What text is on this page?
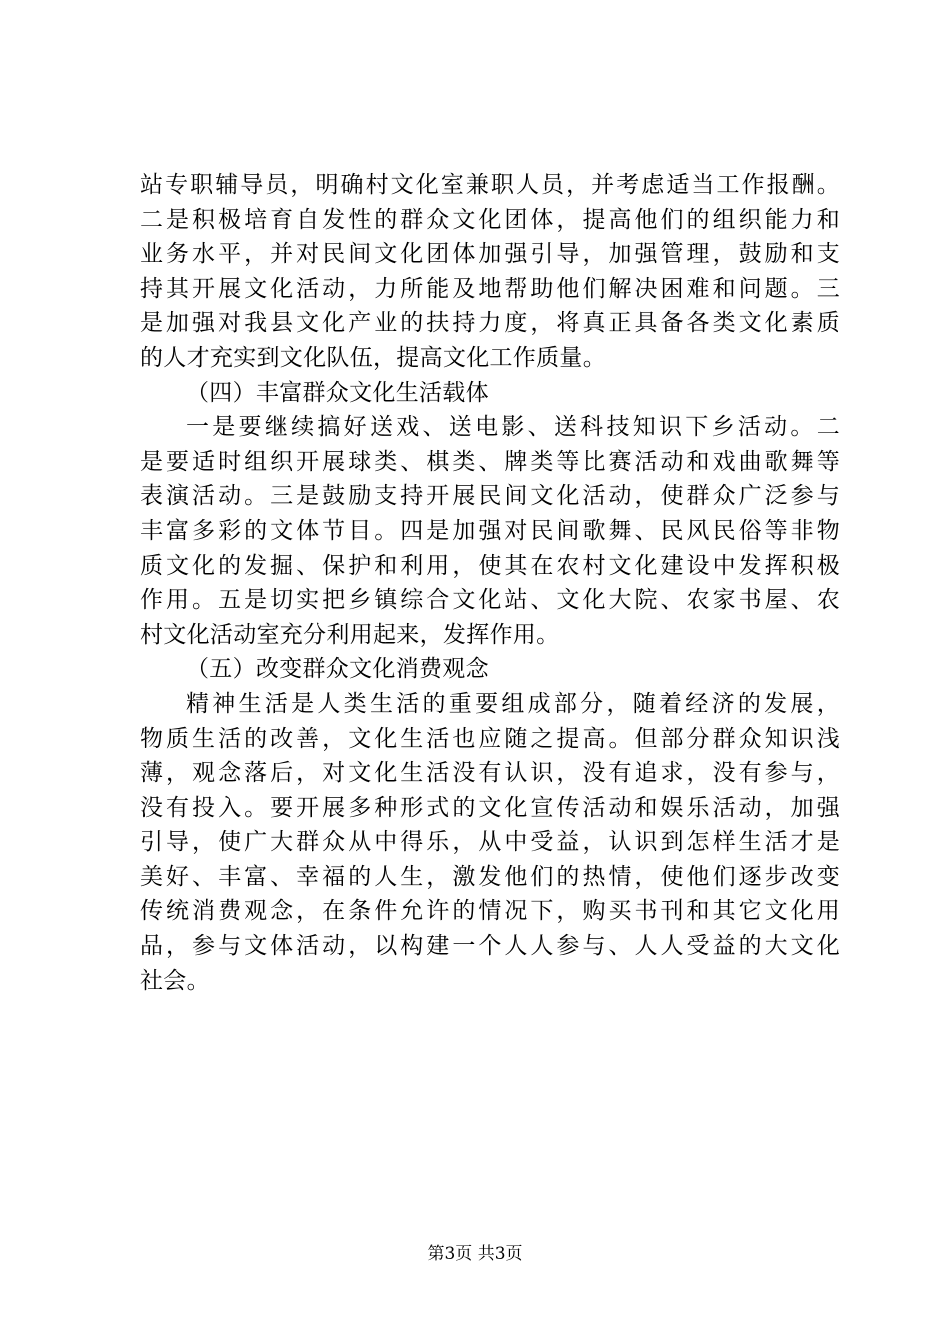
站专职辅导员，明确村文化室兼职人员，并考虑适当工作报酬。
二是积极培育自发性的群众文化团体，提高他们的组织能力和
业务水平，并对民间文化团体加强引导，加强管理，鼓励和支
持其开展文化活动，力所能及地帮助他们解决困难和问题。三
是加强对我县文化产业的扶持力度，将真正具备各类文化素质
的人才充实到文化队伍，提高文化工作质量。
（四）丰富群众文化生活载体
一是要继续搞好送戏、送电影、送科技知识下乡活动。二
是要适时组织开展球类、棋类、牌类等比赛活动和戏曲歌舞等
表演活动。三是鼓励支持开展民间文化活动，使群众广泛参与
丰富多彩的文体节目。四是加强对民间歌舞、民风民俗等非物
质文化的发掘、保护和利用，使其在农村文化建设中发挥积极
作用。五是切实把乡镇综合文化站、文化大院、农家书屋、农
村文化活动室充分利用起来，发挥作用。
（五）改变群众文化消费观念
精神生活是人类生活的重要组成部分，随着经济的发展，
物质生活的改善，文化生活也应随之提高。但部分群众知识浅
薄，观念落后，对文化生活没有认识，没有追求，没有参与，
没有投入。要开展多种形式的文化宣传活动和娱乐活动，加强
引导，使广大群众从中得乐，从中受益，认识到怎样生活才是
美好、丰富、幸福的人生，激发他们的热情，使他们逐步改变
传统消费观念，在条件允许的情况下，购买书刊和其它文化用
品，参与文体活动，以构建一个人人参与、人人受益的大文化
社会。
第3页 共3页
